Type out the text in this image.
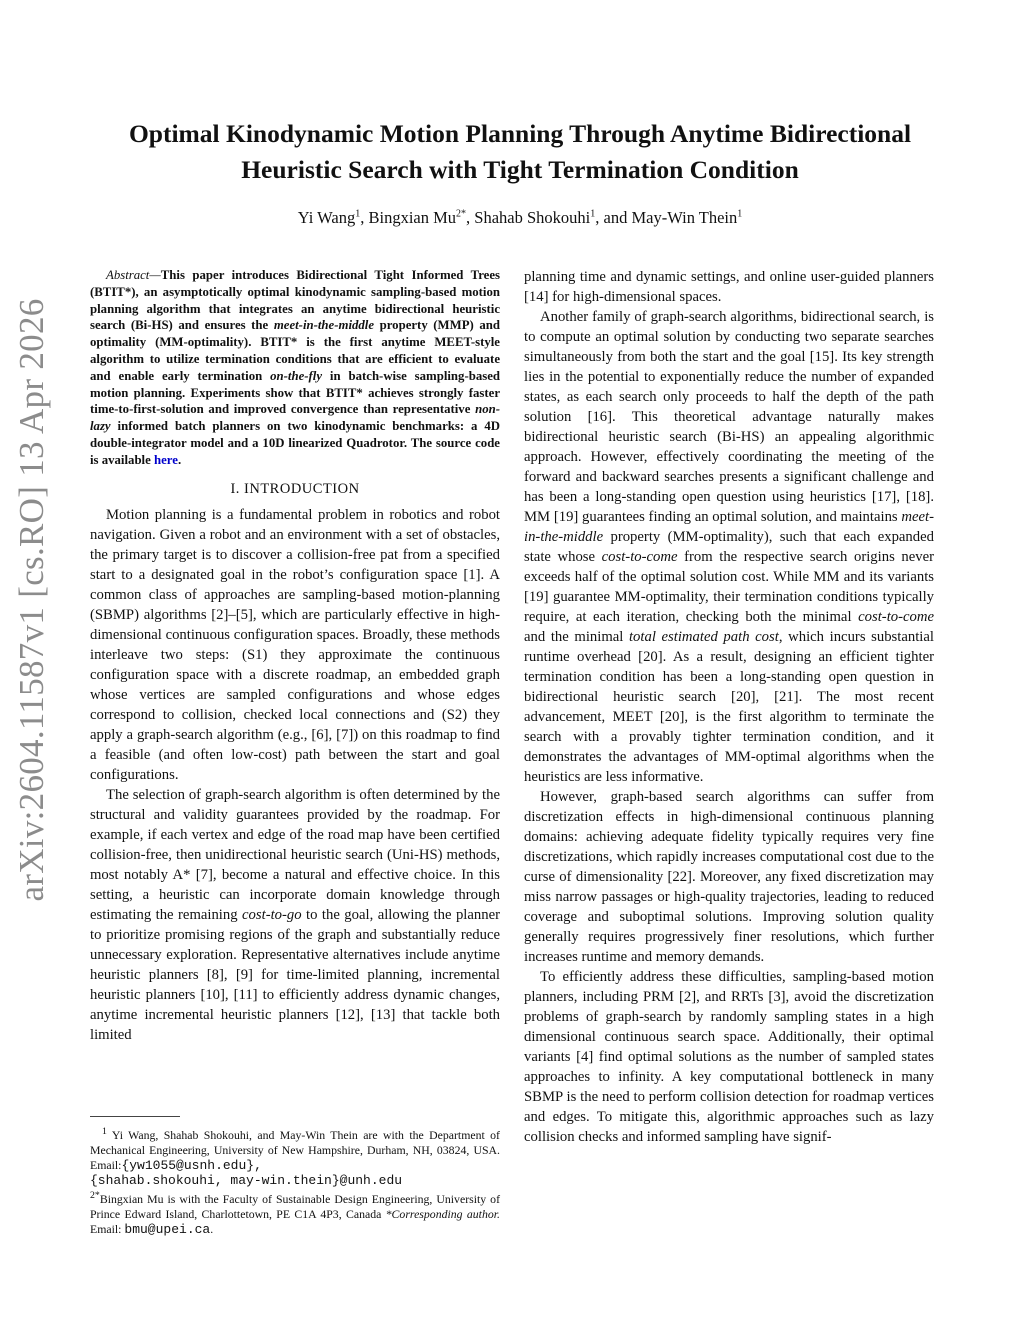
arXiv:2604.11587v1 [cs.RO] 13 Apr 2026
Optimal Kinodynamic Motion Planning Through Anytime Bidirectional
Heuristic Search with Tight Termination Condition
Yi Wang$^1$, Bingxian $Mu^{2*}$, Shahab Shokouhi$^1$, and May-Win Thein$^1$

Abstract—This paper introduces Bidirectional Tight Informed Trees (BTIT*), an asymptotically optimal kinodynamic sampling-based motion planning algorithm that integrates an anytime bidirectional heuristic search (Bi-HS) and ensures the meet-in-the-middle property (MMP) and optimality (MM-optimality). BTIT* is the first anytime MEET-style algorithm to utilize termination conditions that are efficient to evaluate and enable early termination on-the-fly in batch-wise sampling-based motion planning. Experiments show that BTIT* achieves strongly faster time-to-first-solution and improved convergence than representative non-lazy informed batch planners on two kinodynamic benchmarks: a 4D double-integrator model and a 10D linearized Quadrotor. The source code is available here.

I. INTRODUCTION

Motion planning is a fundamental problem in robotics and robot navigation. Given a robot and an environment with a set of obstacles, the primary target is to discover a collision-free pat from a specified start to a designated goal in the robot’s configuration space [1]. A common class of approaches are sampling-based motion-planning (SBMP) algorithms [2]–[5], which are particularly effective in high-dimensional continuous configuration spaces. Broadly, these methods interleave two steps: (S1) they approximate the continuous configuration space with a discrete roadmap, an embedded graph whose vertices are sampled configurations and whose edges correspond to collision, checked local connections and (S2) they apply a graph-search algorithm (e.g., [6], [7]) on this roadmap to find a feasible (and often low-cost) path between the start and goal configurations.

The selection of graph-search algorithm is often determined by the structural and validity guarantees provided by the roadmap. For example, if each vertex and edge of the road map have been certified collision-free, then unidirectional heuristic search (Uni-HS) methods, most notably A* [7], become a natural and effective choice. In this setting, a heuristic can incorporate domain knowledge through estimating the remaining cost-to-go to the goal, allowing the planner to prioritize promising regions of the graph and substantially reduce unnecessary exploration. Representative alternatives include anytime heuristic planners [8], [9] for time-limited planning, incremental heuristic planners [10], [11] to efficiently address dynamic changes, anytime incremental heuristic planners [12], [13] that tackle both limited

planning time and dynamic settings, and online user-guided planners [14] for high-dimensional spaces.

Another family of graph-search algorithms, bidirectional search, is to compute an optimal solution by conducting two separate searches simultaneously from both the start and the goal [15]. Its key strength lies in the potential to exponentially reduce the number of expanded states, as each search only proceeds to half the depth of the path solution [16]. This theoretical advantage naturally makes bidirectional heuristic search (Bi-HS) an appealing algorithmic approach. However, effectively coordinating the meeting of the forward and backward searches presents a significant challenge and has been a long-standing open question using heuristics [17], [18]. MM [19] guarantees finding an optimal solution, and maintains meet-in-the-middle property (MM-optimality), such that each expanded state whose cost-to-come from the respective search origins never exceeds half of the optimal solution cost. While MM and its variants [19] guarantee MM-optimality, their termination conditions typically require, at each iteration, checking both the minimal cost-to-come and the minimal total estimated path cost, which incurs substantial runtime overhead [20]. As a result, designing an efficient tighter termination condition has been a long-standing open question in bidirectional heuristic search [20], [21]. The most recent advancement, MEET [20], is the first algorithm to terminate the search with a provably tighter termination condition, and it demonstrates the advantages of MM-optimal algorithms when the heuristics are less informative.

However, graph-based search algorithms can suffer from discretization effects in high-dimensional continuous planning domains: achieving adequate fidelity typically requires very fine discretizations, which rapidly increases computational cost due to the curse of dimensionality [22]. Moreover, any fixed discretization may miss narrow passages or high-quality trajectories, leading to reduced coverage and suboptimal solutions. Improving solution quality generally requires progressively finer resolutions, which further increases runtime and memory demands.

To efficiently address these difficulties, sampling-based motion planners, including PRM [2], and RRTs [3], avoid the discretization problems of graph-search by randomly sampling states in a high dimensional continuous search space. Additionally, their optimal variants [4] find optimal solutions as the number of sampled states approaches to infinity. A key computational bottleneck in many SBMP is the need to perform collision detection for roadmap vertices and edges. To mitigate this, algorithmic approaches such as lazy collision checks and informed sampling have signif-

$^1$ Yi Wang, Shahab Shokouhi, and May-Win Thein are with the Department of Mechanical Engineering, University of New Hampshire, Durham, NH, 03824, USA. Email:{yw1055@usnh.edu},
{shahab.shokouhi, may-win.thein}@unh.edu

$^{2*}$Bingxian Mu is with the Faculty of Sustainable Design Engineering, University of Prince Edward Island, Charlottetown, PE C1A 4P3, Canada *Corresponding author. Email: bmu@upei.ca.
